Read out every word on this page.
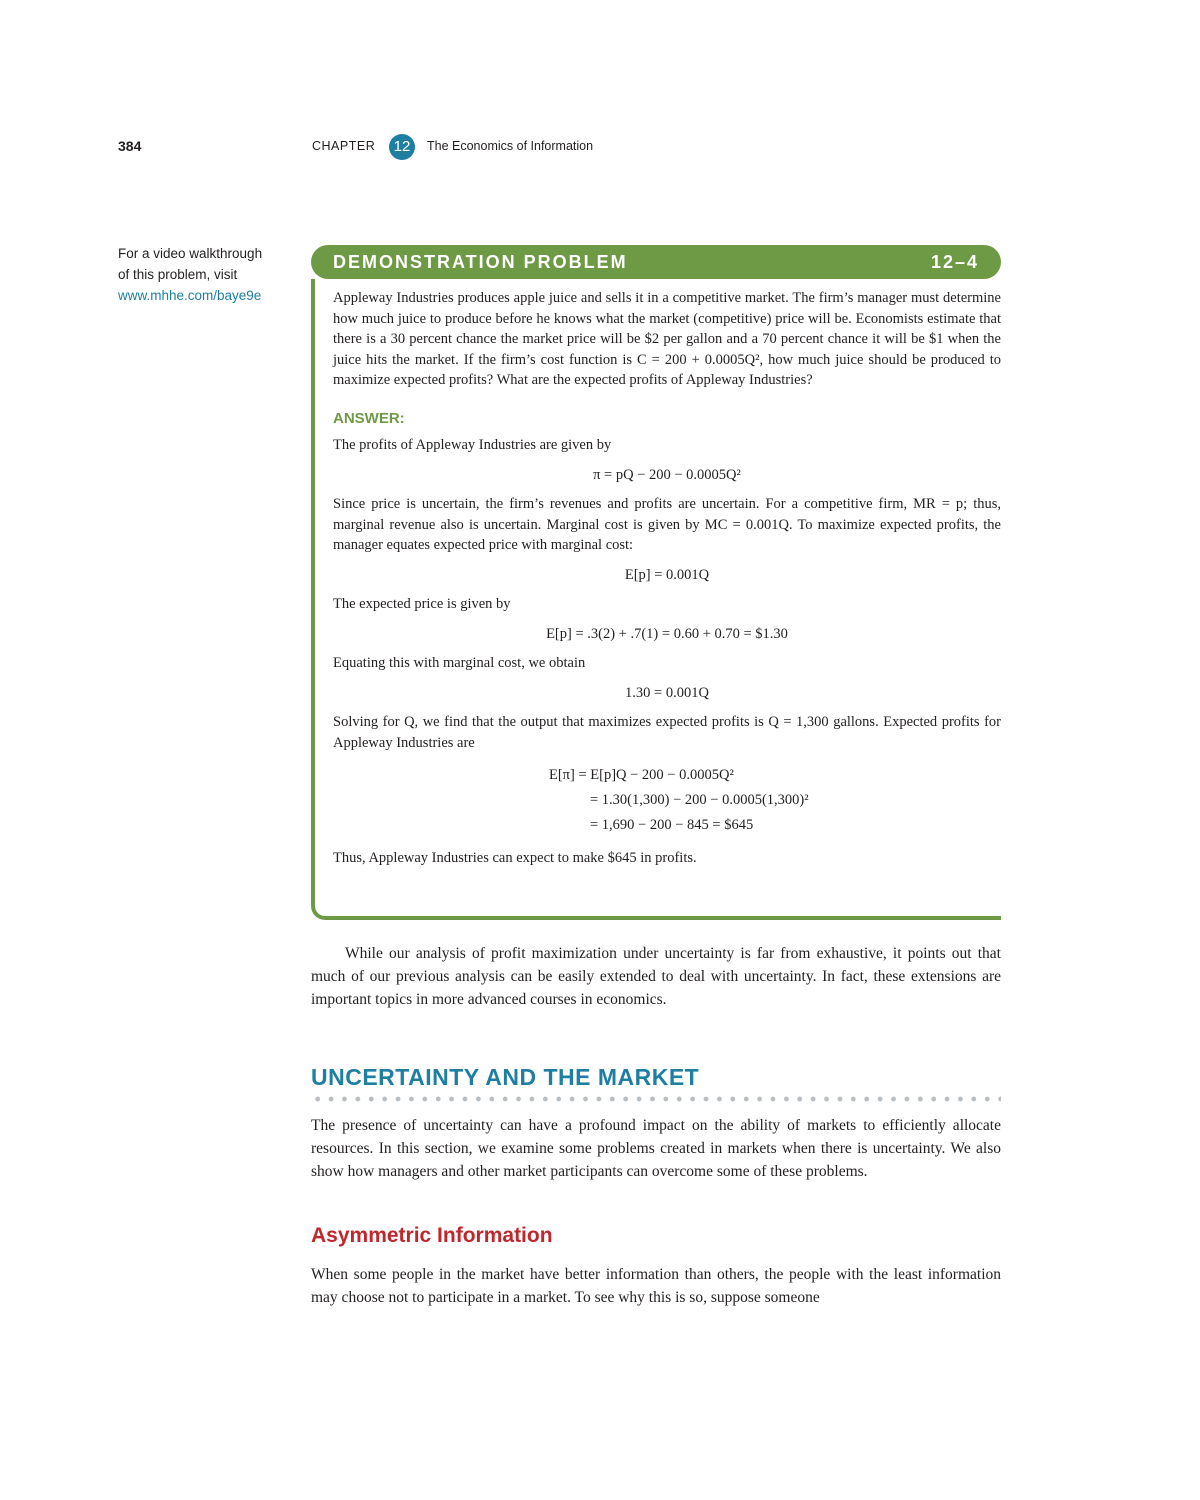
384	CHAPTER	12	The Economics of Information
For a video walkthrough
of this problem, visit
www.mhhe.com/baye9e
DEMONSTRATION PROBLEM	12–4

Appleway Industries produces apple juice and sells it in a competitive market. The firm’s manager must determine how much juice to produce before he knows what the market (competitive) price will be. Economists estimate that there is a 30 percent chance the market price will be $2 per gallon and a 70 percent chance it will be $1 when the juice hits the market. If the firm’s cost function is C = 200 + 0.0005Q², how much juice should be produced to maximize expected profits? What are the expected profits of Appleway Industries?

ANSWER:

The profits of Appleway Industries are given by

π = pQ − 200 − 0.0005Q²

Since price is uncertain, the firm’s revenues and profits are uncertain. For a competitive firm, MR = p; thus, marginal revenue also is uncertain. Marginal cost is given by MC = 0.001Q. To maximize expected profits, the manager equates expected price with marginal cost:

E[p] = 0.001Q

The expected price is given by

E[p] = .3(2) + .7(1) = 0.60 + 0.70 = $1.30

Equating this with marginal cost, we obtain

1.30 = 0.001Q

Solving for Q, we find that the output that maximizes expected profits is Q = 1,300 gallons. Expected profits for Appleway Industries are

E[π] = E[p]Q − 200 − 0.0005Q²
= 1.30(1,300) − 200 − 0.0005(1,300)²
= 1,690 − 200 − 845 = $645

Thus, Appleway Industries can expect to make $645 in profits.

While our analysis of profit maximization under uncertainty is far from exhaustive, it points out that much of our previous analysis can be easily extended to deal with uncertainty. In fact, these extensions are important topics in more advanced courses in economics.

UNCERTAINTY AND THE MARKET

The presence of uncertainty can have a profound impact on the ability of markets to efficiently allocate resources. In this section, we examine some problems created in markets when there is uncertainty. We also show how managers and other market participants can overcome some of these problems.

Asymmetric Information

When some people in the market have better information than others, the people with the least information may choose not to participate in a market. To see why this is so, suppose someone
